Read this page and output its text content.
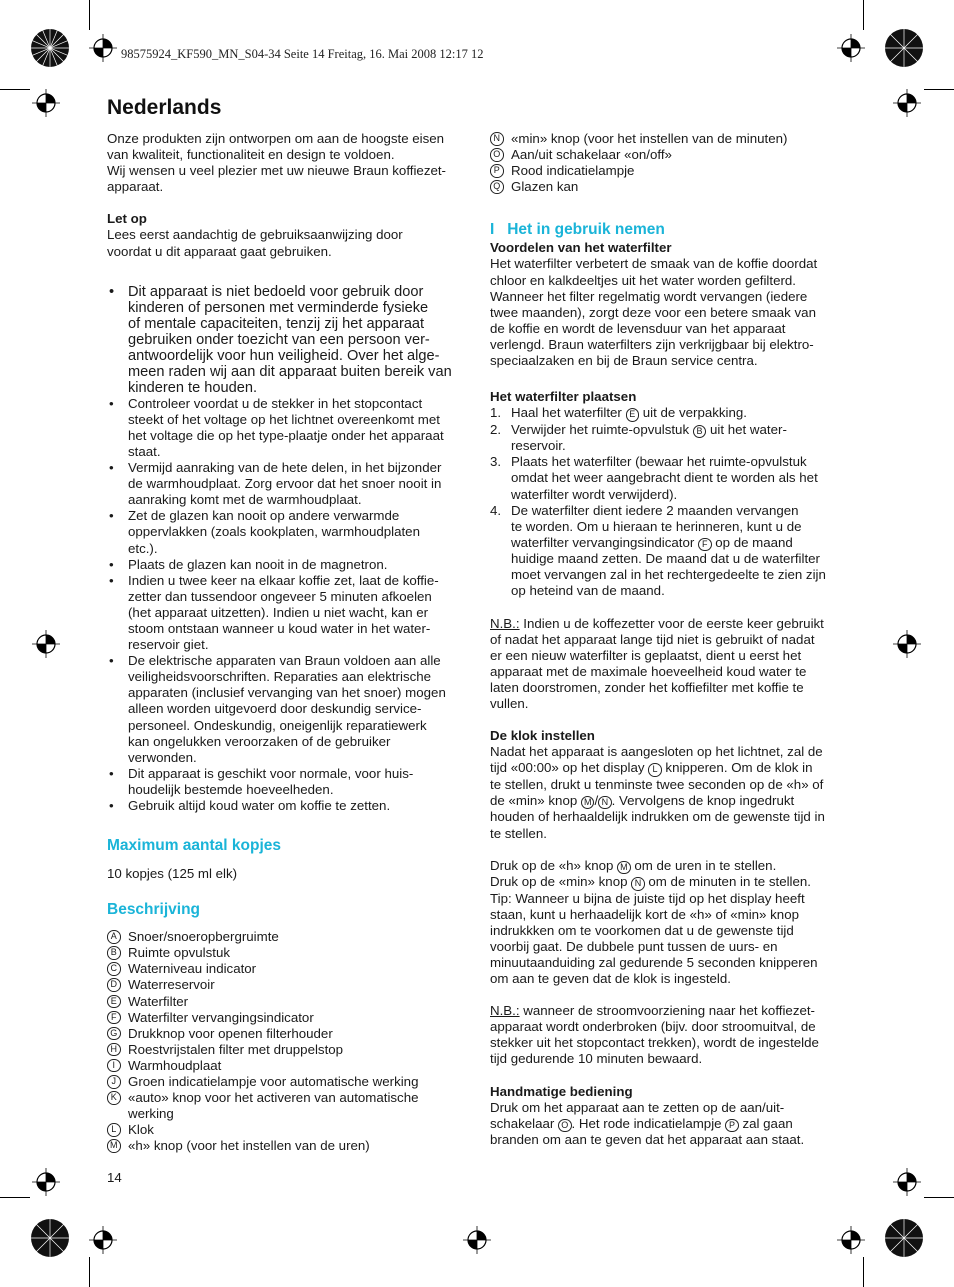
98575924_KF590_MN_S04-34 Seite 14 Freitag, 16. Mai 2008 12:17 12
Nederlands

Onze produkten zijn ontworpen om aan de hoogste eisen

van kwaliteit, functionaliteit en design te voldoen.

Wij wensen u veel plezier met uw nieuwe Braun koffiezet-

apparaat.

Let op

Lees eerst aandachtig de gebruiksaanwijzing door

voordat u dit apparaat gaat gebruiken.

• Dit apparaat is niet bedoeld voor gebruik door

kinderen of personen met verminderde fysieke

of mentale capaciteiten, tenzij zij het apparaat

gebruiken onder toezicht van een persoon ver-

antwoordelijk voor hun veiligheid. Over het alge-

meen raden wij aan dit apparaat buiten bereik van

kinderen te houden.

• Controleer voordat u de stekker in het stopcontact

steekt of het voltage op het lichtnet overeenkomt met

het voltage die op het type-plaatje onder het apparaat

staat.

• Vermijd aanraking van de hete delen, in het bijzonder

de warmhoudplaat. Zorg ervoor dat het snoer nooit in

aanraking komt met de warmhoudplaat.

• Zet de glazen kan nooit op andere verwarmde

oppervlakken (zoals kookplaten, warmhoudplaten

etc.).

• Plaats de glazen kan nooit in de magnetron.

• Indien u twee keer na elkaar koffie zet, laat de koffie-

zetter dan tussendoor ongeveer 5 minuten afkoelen

(het apparaat uitzetten). Indien u niet wacht, kan er

stoom ontstaan wanneer u koud water in het water-

reservoir giet.

• De elektrische apparaten van Braun voldoen aan alle

veiligheidsvoorschriften. Reparaties aan elektrische

apparaten (inclusief vervanging van het snoer) mogen

alleen worden uitgevoerd door deskundig service-

personeel. Ondeskundig, oneigenlijk reparatiewerk

kan ongelukken veroorzaken of de gebruiker

verwonden.

• Dit apparaat is geschikt voor normale, voor huis-

houdelijk bestemde hoeveelheden.

• Gebruik altijd koud water om koffie te zetten.

Maximum aantal kopjes

10 kopjes (125 ml elk)

Beschrijving

A Snoer/snoeropbergruimte

B Ruimte opvulstuk

C Waterniveau indicator

D Waterreservoir

E Waterfilter

F Waterfilter vervangingsindicator

G Drukknop voor openen filterhouder

H Roestvrijstalen filter met druppelstop

I Warmhoudplaat

J Groen indicatielampje voor automatische werking

K «auto» knop voor het activeren van automatische

werking

L Klok

M «h» knop (voor het instellen van de uren)

N «min» knop (voor het instellen van de minuten)

O Aan/uit schakelaar «on/off»

P Rood indicatielampje

Q Glazen kan

I Het in gebruik nemen

Voordelen van het waterfilter

Het waterfilter verbetert de smaak van de koffie doordat

chloor en kalkdeeltjes uit het water worden gefilterd.

Wanneer het filter regelmatig wordt vervangen (iedere

twee maanden), zorgt deze voor een betere smaak van

de koffie en wordt de levensduur van het apparaat

verlengd. Braun waterfilters zijn verkrijgbaar bij elektro-

speciaalzaken en bij de Braun service centra.

Het waterfilter plaatsen

1. Haal het waterfilter E uit de verpakking.

2. Verwijder het ruimte-opvulstuk B uit het water-

reservoir.

3. Plaats het waterfilter (bewaar het ruimte-opvulstuk

omdat het weer aangebracht dient te worden als het

waterfilter wordt verwijderd).

4. De waterfilter dient iedere 2 maanden vervangen

te worden. Om u hieraan te herinneren, kunt u de

waterfilter vervangingsindicator F op de maand

huidige maand zetten. De maand dat u de waterfilter

moet vervangen zal in het rechtergedeelte te zien zijn

op heteind van de maand.

N.B.: Indien u de koffezetter voor de eerste keer gebruikt

of nadat het apparaat lange tijd niet is gebruikt of nadat

er een nieuw waterfilter is geplaatst, dient u eerst het

apparaat met de maximale hoeveelheid koud water te

laten doorstromen, zonder het koffiefilter met koffie te

vullen.

De klok instellen

Nadat het apparaat is aangesloten op het lichtnet, zal de

tijd «00:00» op het display L knipperen. Om de klok in

te stellen, drukt u tenminste twee seconden op de «h» of

de «min» knop M / N . Vervolgens de knop ingedrukt

houden of herhaaldelijk indrukken om de gewenste tijd in

te stellen.

Druk op de «h» knop M om de uren in te stellen.

Druk op de «min» knop N om de minuten in te stellen.

Tip: Wanneer u bijna de juiste tijd op het display heeft

staan, kunt u herhaadelijk kort de «h» of «min» knop

indrukkken om te voorkomen dat u de gewenste tijd

voorbij gaat. De dubbele punt tussen de uurs- en

minuutaanduiding zal gedurende 5 seconden knipperen

om aan te geven dat de klok is ingesteld.

N.B.: wanneer de stroomvoorziening naar het koffiezet-

apparaat wordt onderbroken (bijv. door stroomuitval, de

stekker uit het stopcontact trekken), wordt de ingestelde

tijd gedurende 10 minuten bewaard.

Handmatige bediening

Druk om het apparaat aan te zetten op de aan/uit-

schakelaar O . Het rode indicatielampje P zal gaan

branden om aan te geven dat het apparaat aan staat.

14
